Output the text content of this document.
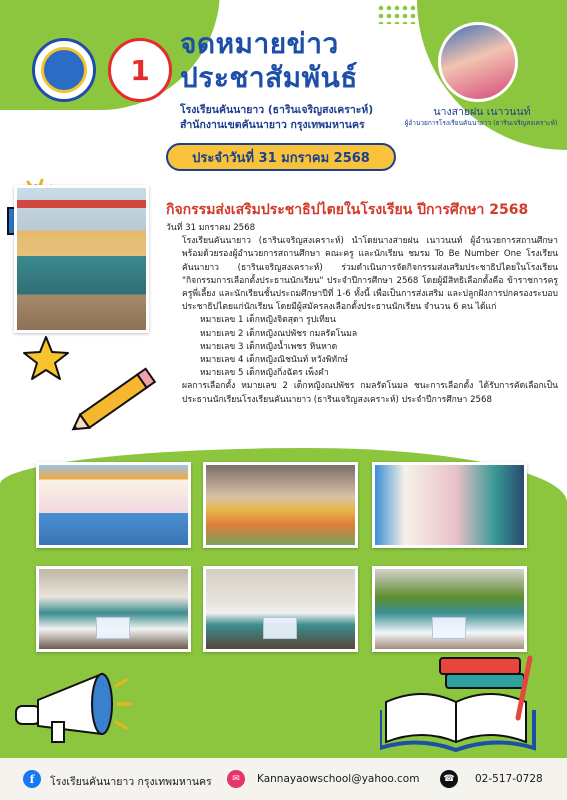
1
จดหมายข่าว
ประชาสัมพันธ์
โรงเรียนคันนายาว (ธารินเจริญสงเคราะห์)
สำนักงานเขตคันนายาว กรุงเทพมหานคร
นางสายฝน เนาวนนท์
ผู้อำนวยการโรงเรียนคันนายาว (ธารินเจริญสงเคราะห์)
ประจำวันที่ 31 มกราคม 2568
กิจกรรมส่งเสริมประชาธิปไตยในโรงเรียน ปีการศึกษา 2568

วันที่ 31 มกราคม 2568

โรงเรียนคันนายาว (ธารินเจริญสงเคราะห์) นำโดยนางสายฝน เนาวนนท์ ผู้อำนวยการสถานศึกษา พร้อมด้วยรองผู้อำนวยการสถานศึกษา คณะครู และนักเรียน ชมรม To Be Number One โรงเรียนคันนายาว (ธารินเจริญสงเคราะห์) ร่วมดำเนินการจัดกิจกรรมส่งเสริมประชาธิปไตยในโรงเรียน "กิจกรรมการเลือกตั้งประธานนักเรียน" ประจำปีการศึกษา 2568 โดยผู้มีสิทธิเลือกตั้งคือ ข้าราชการครู ครูพี่เลี้ยง และนักเรียนชั้นประถมศึกษาปีที่ 1-6 ทั้งนี้ เพื่อเป็นการส่งเสริม และปลูกฝังการปกครองระบอบประชาธิปไตยแก่นักเรียน โดยมีผู้สมัครลงเลือกตั้งประธานนักเรียน จำนวน 6 คน ได้แก่

หมายเลข 1 เด็กหญิงจิตสุดา รูปเทียน

หมายเลข 2 เด็กหญิงณปพัชร กมลรัตโนมล

หมายเลข 3 เด็กหญิงน้ำเพชร หินหาด

หมายเลข 4 เด็กหญิงณิชนันท์ หวังพิทักษ์

หมายเลข 5 เด็กหญิงกิ่งฉัตร เพ็งคำ

ผลการเลือกตั้ง หมายเลข 2 เด็กหญิงณปพัชร กมลรัตโนมล ชนะการเลือกตั้ง ได้รับการคัดเลือกเป็นประธานนักเรียนโรงเรียนคันนายาว (ธารินเจริญสงเคราะห์) ประจำปีการศึกษา 2568

f	โรงเรียนคันนายาว กรุงเทพมหานคร	✉	Kannayaowschool@yahoo.com	☎	02-517-0728
